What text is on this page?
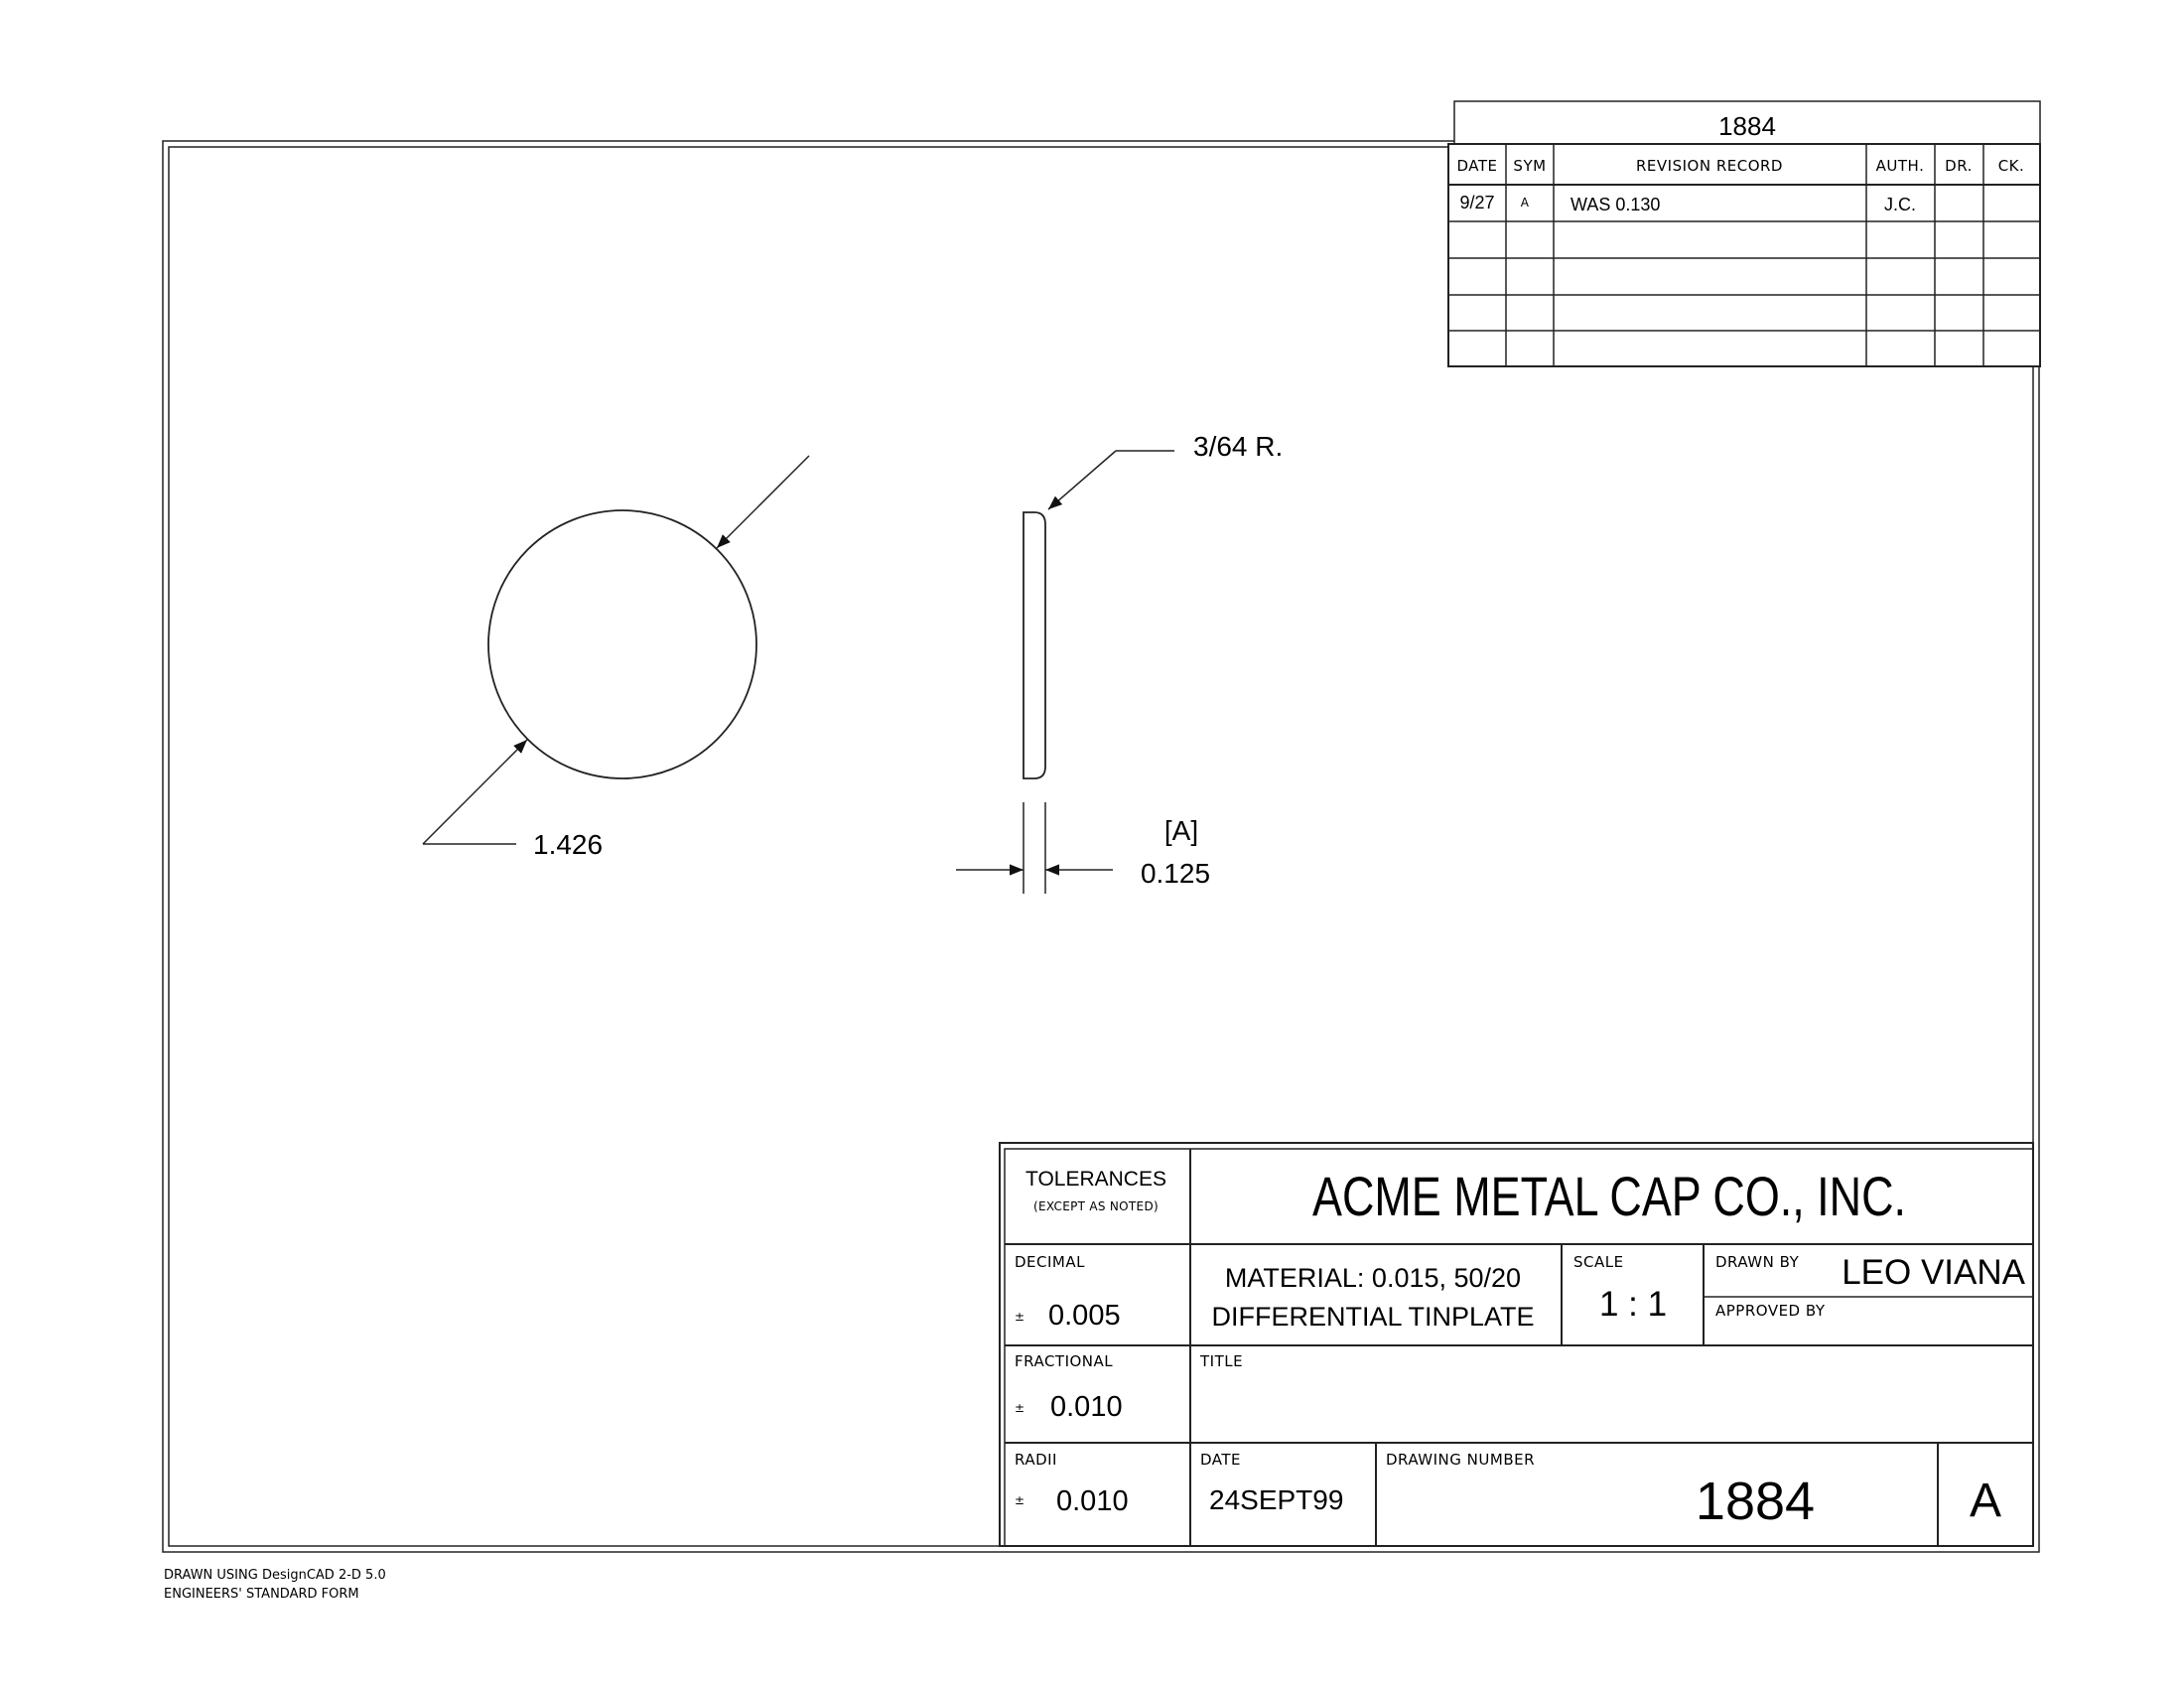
1884
DATE SYM	REVISION RECORD	AUTH. DR. CK.
9/27 A WAS 0.130	J.C.
1.426
3/64 R.
[A]
0.125
TOLERANCES
(EXCEPT AS NOTED)	ACME METAL CAP CO., INC.
DECIMAL
± 0.005
MATERIAL: 0.015, 50/20
DIFFERENTIAL TINPLATE
SCALE
1 : 1
DRAWN BY LEO VIANA
APPROVED BY
FRACTIONAL
± 0.010
TITLE
RADII
± 0.010
DATE
24SEPT99
DRAWING NUMBER
1884	A
DRAWN USING DesignCAD 2-D 5.0
ENGINEERS' STANDARD FORM
